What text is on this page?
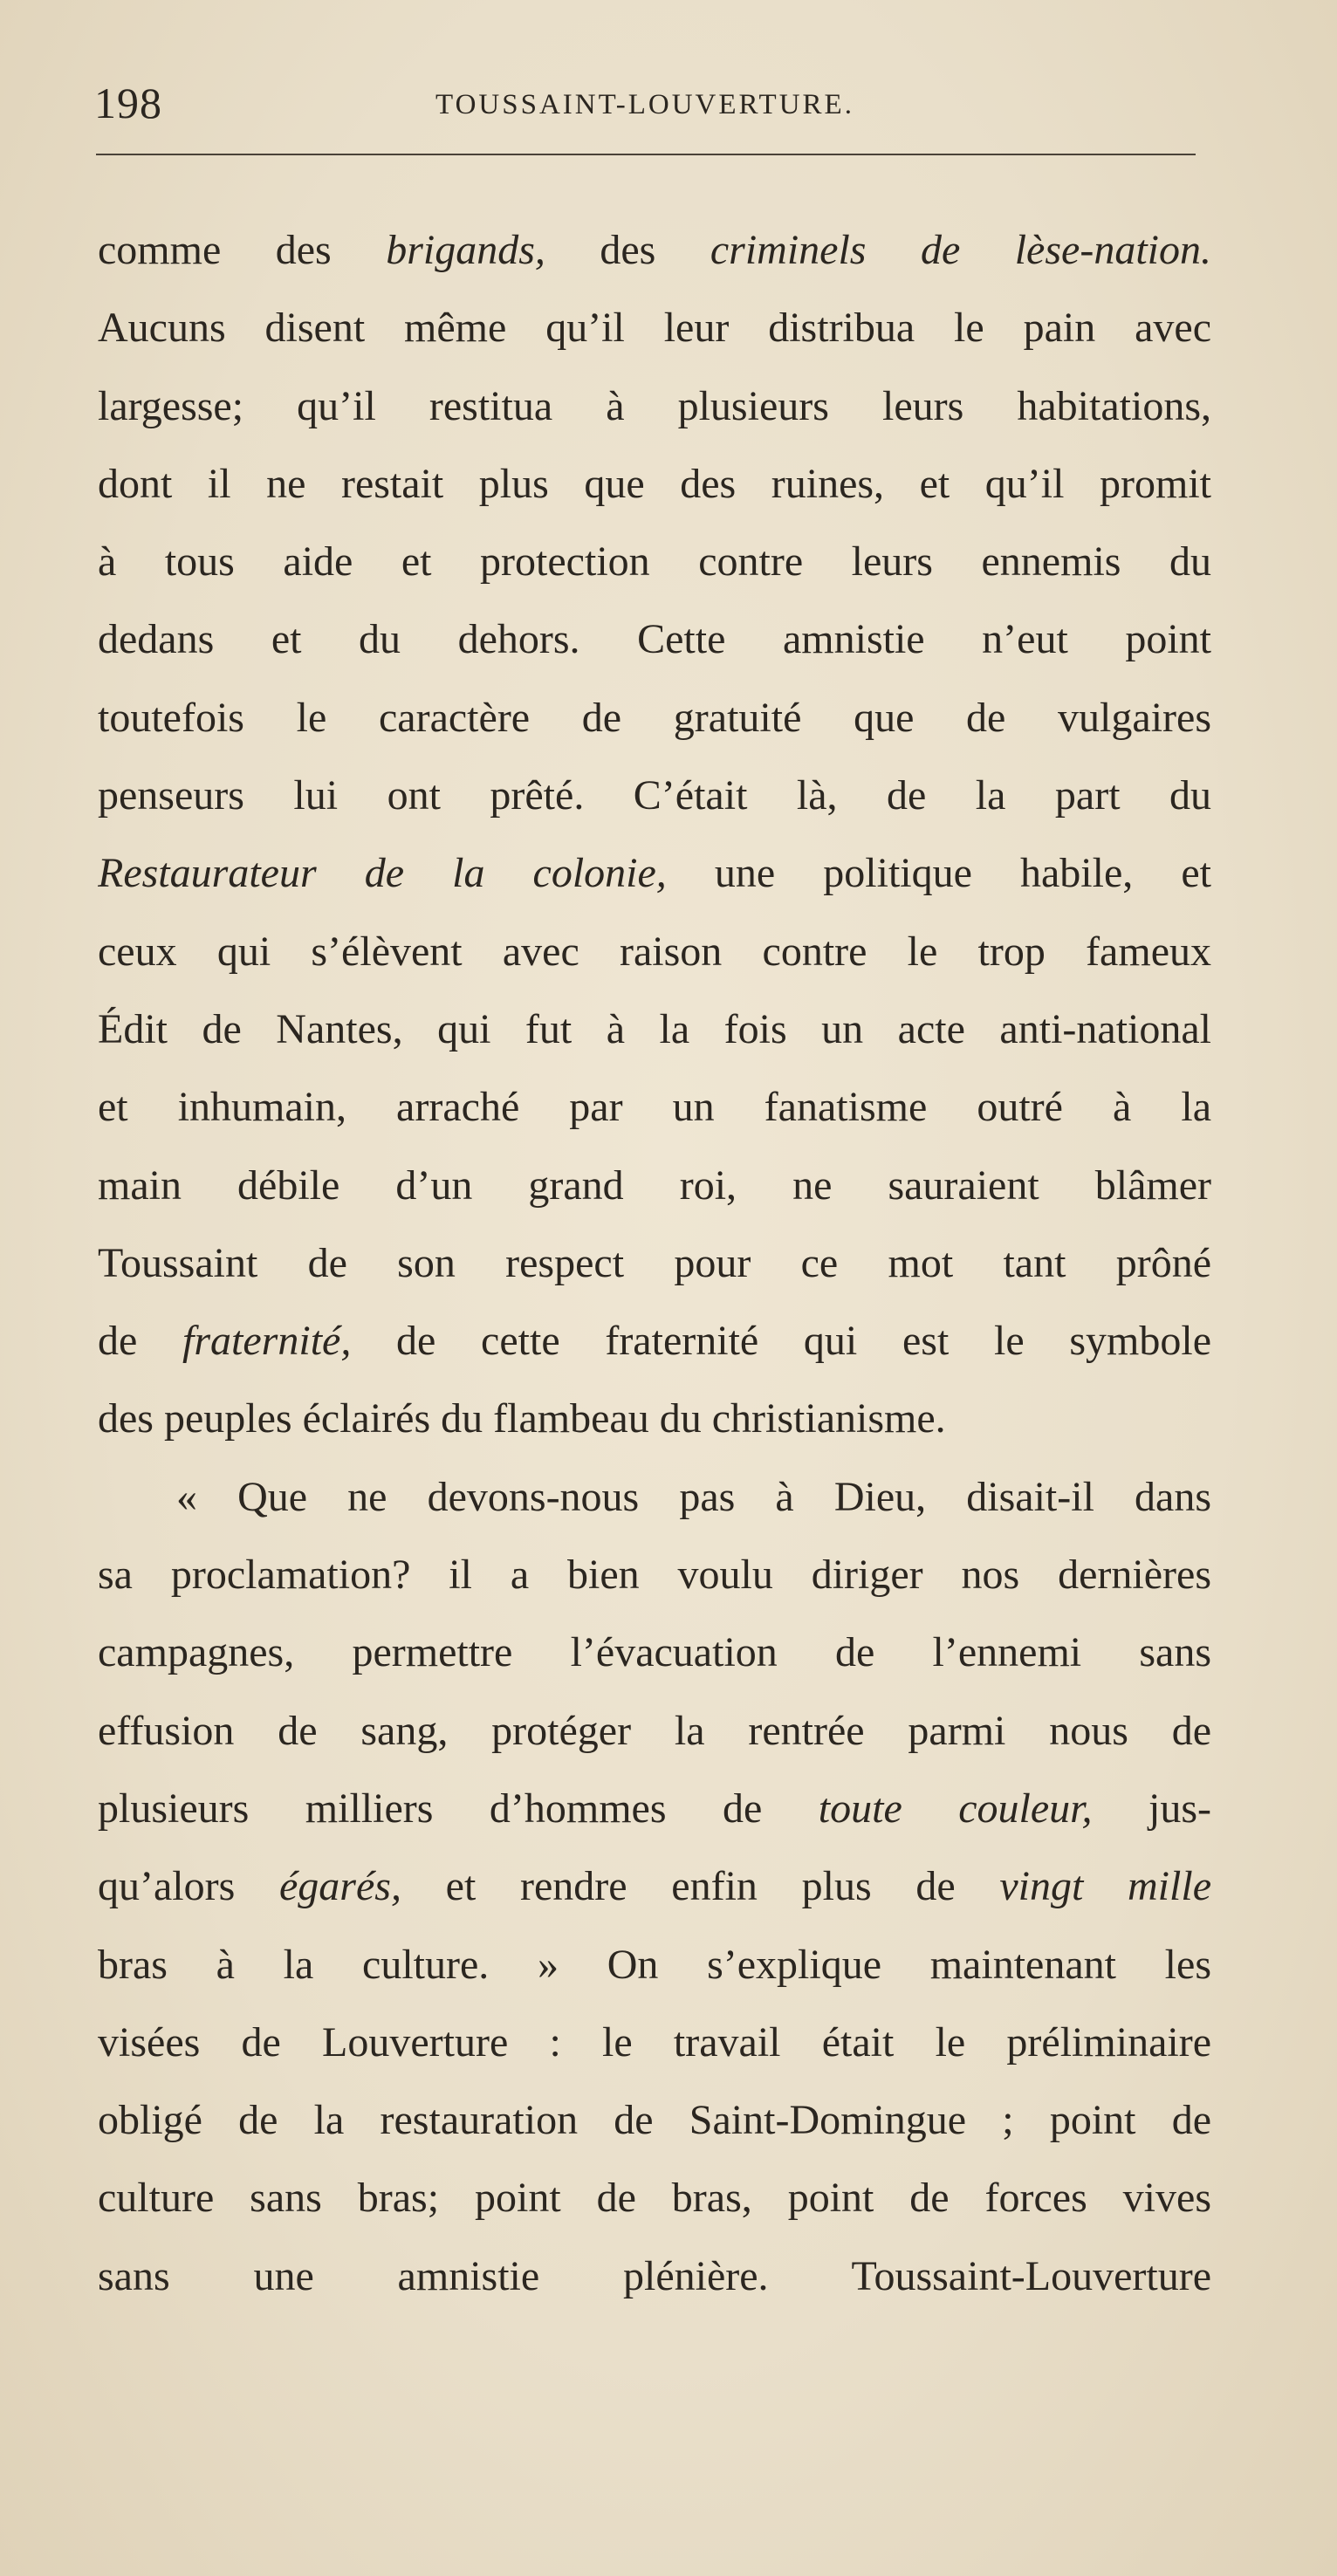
198	TOUSSAINT-LOUVERTURE.
comme des brigands, des criminels de lèse-nation.
Aucuns disent même qu’il leur distribua le pain avec
largesse; qu’il restitua à plusieurs leurs habitations,
dont il ne restait plus que des ruines, et qu’il promit
à tous aide et protection contre leurs ennemis du
dedans et du dehors. Cette amnistie n’eut point
toutefois le caractère de gratuité que de vulgaires
penseurs lui ont prêté. C’était là, de la part du
Restaurateur de la colonie, une politique habile, et
ceux qui s’élèvent avec raison contre le trop fameux
Édit de Nantes, qui fut à la fois un acte anti-national
et inhumain, arraché par un fanatisme outré à la
main débile d’un grand roi, ne sauraient blâmer
Toussaint de son respect pour ce mot tant prôné
de fraternité, de cette fraternité qui est le symbole
des peuples éclairés du flambeau du christianisme.
« Que ne devons-nous pas à Dieu, disait-il dans
sa proclamation? il a bien voulu diriger nos dernières
campagnes, permettre l’évacuation de l’ennemi sans
effusion de sang, protéger la rentrée parmi nous de
plusieurs milliers d’hommes de toute couleur, jus-
qu’alors égarés, et rendre enfin plus de vingt mille
bras à la culture. » On s’explique maintenant les
visées de Louverture : le travail était le préliminaire
obligé de la restauration de Saint-Domingue ; point de
culture sans bras; point de bras, point de forces vives
sans une amnistie plénière. Toussaint-Louverture
